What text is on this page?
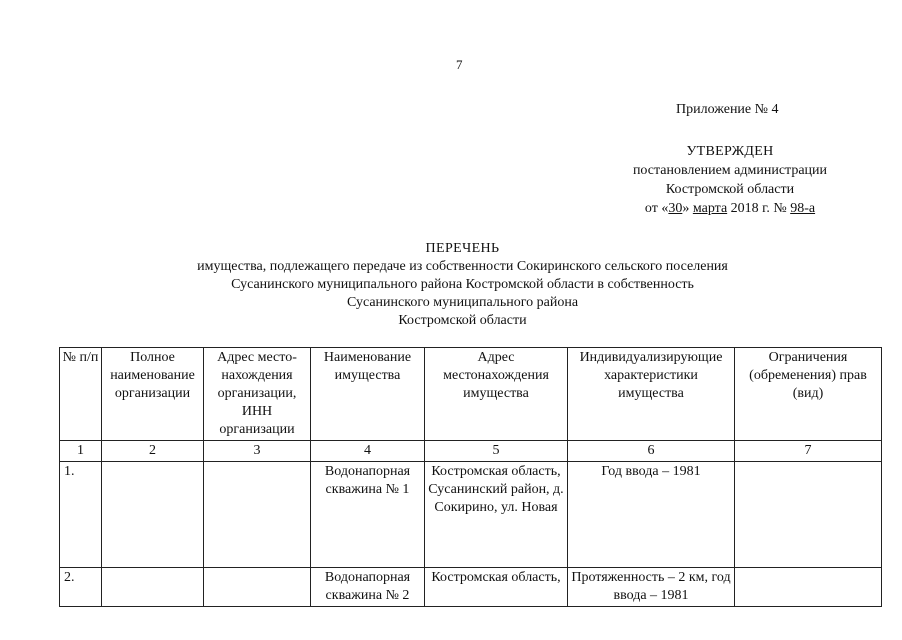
7
Приложение № 4
УТВЕРЖДЕН
постановлением администрации
Костромской области
от «30» марта 2018 г. № 98-а
ПЕРЕЧЕНЬ
имущества, подлежащего передаче из собственности Сокиринского сельского поселения
Сусанинского муниципального района Костромской области в собственность
Сусанинского муниципального района
Костромской области
№ п/п	Полное наименование организации	Адрес место-нахождения организации, ИНН организации	Наименование имущества	Адрес местонахождения имущества	Индивидуализирующие характеристики имущества	Ограничения (обременения) прав (вид)
1	2	3	4	5	6	7
1.			Водонапорная скважина № 1	Костромская область, Сусанинский район, д. Сокирино, ул. Новая	Год ввода – 1981	
2.			Водонапорная скважина № 2	Костромская область,	Протяженность – 2 км, год ввода – 1981	
